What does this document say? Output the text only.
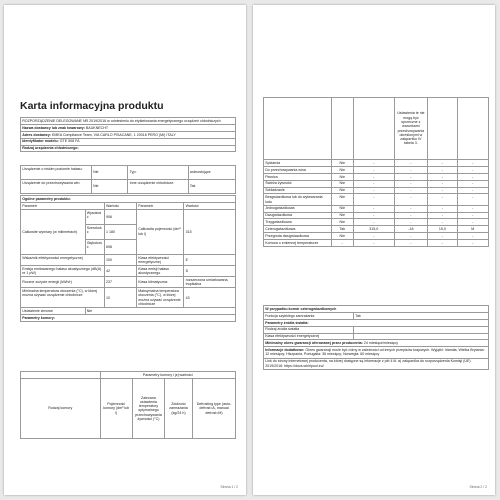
Karta informacyjna produktu
ROZPORZĄDZENIE DELEGOWANE NR 2019/2016 w odniesieniu do etykietowania energetycznego urządzeń chłodniczych
Nazwa dostawcy lub znak towarowy: BAUKNECHT
Adres dostawcy: EMEA Compliance Team, VIA CARLO PISACANE, 1 20016 PERO (MI) ITALY
Identyfikator modelu: GTE 508 FA
Rodzaj urządzenia chłodniczego:
Urządzenie o niskim poziomie hałasu:	Nie	Typ:	wolnostojące
Urządzenie do przechowywania win:	Nie	Inne urządzenie chłodnicze:	Tak
Ogólne parametry produktu:				
Parametr		Wartość	Parametr	Wartość
Całkowite wymiary (w milimetrach)	Wysokość	906	Całkowita pojemność (dm³ lub l)	315
	Szerokość	1 180		
	Głębokość	698		
Wskaźnik efektywności energetycznej		100	Klasa efektywności energetycznej	E
Emisja emitowanego hałasu akustycznego (dB(A) re 1 pW)		42	Klasa emisji hałasu akustycznego	D
Roczne zużycie energii (kWh/r)		237	Klasa klimatyczna:	rozszerzona umiarkowana, tropikalna
Minimalna temperatura otoczenia (°C), w której można używać urządzenie chłodnicze		10	Maksymalna temperatura otoczenia (°C), w której można używać urządzenie chłodnicze	43
Ustawienie zimowe	Nie			
Parametry komory:				
	Parametry komory i jej wartości			
Rodzaj komory	Pojemność komory (dm³ lub l)	Zalecana ustawienia temperatury optymalnego przechowywania żywności (°C)	Zdolność zamrażania (kg/24 h)	Defrosting type (auto-defrost=A, manual defrost=M)
Strona 1 / 2
			Ustawienia te nie mogą być sprzeczne z warunkami przechowywania określonymi w załączniku IV tabela 3.		
Spiżarnia	Nie	-	-	-	-
Do przechowywania wina	Nie	-	-	-	-
Piwnica	Nie	-	-	-	-
Świeża żywność	Nie	-	-	-	-
Schładzanie	Nie	-	-	-	-
Bezgwiazdkowa lub do wytwarzania lodu	Nie	-	-	-	-
Jednogwiazdkowa	Nie	-	-	-	-
Dwugwiazdkowa	Nie	-	-	-	-
Trzygwiazdkowa	Nie	-	-	-	-
Czterogwiazdkowa	Tak	315,0	-18	15,0	M
Przegroda dwugwiazdkowa	Nie	-	-	-	-
Komora o zmiennej temperaturze	-	-	-	-	-
W przypadku komór czterogwiazdkowych	
Funkcja szybkiego zamrażania	Tak
Parametry źródła światła:	
Rodzaj źródła światła	
Klasa efektywności energetycznej	
Minimalny okres gwarancji oferowanej przez producenta: 24 miesiące/miesięcy	
Informacje dodatkowe: Okres gwarancji może być różny w zależności od innych przepisów krajowych. Wyjątki: Irlandia, Wielka Brytania: 12 miesięcy; Hiszpania, Portugalia: 36 miesięcy; Norwegia: 60 miesięcy	
Link do strony internetowej producenta, na której dostępne są informacje z pkt 4 lit. a) załącznika do rozporządzenia Komisji (UE) 2019/2016: https://docs.whirlpool.eu/	
Strona 2 / 2
